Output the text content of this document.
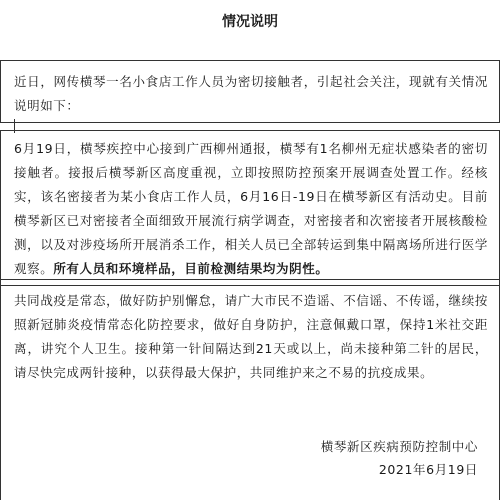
情况说明

近日，网传横琴一名小食店工作人员为密切接触者，引起社会关注，现就有关情况说明如下：

6月19日，横琴疾控中心接到广西柳州通报，横琴有1名柳州无症状感染者的密切接触者。接报后横琴新区高度重视，立即按照防控预案开展调查处置工作。经核实，该名密接者为某小食店工作人员，6月16日-19日在横琴新区有活动史。目前横琴新区已对密接者全面细致开展流行病学调查，对密接者和次密接者开展核酸检测，以及对涉疫场所开展消杀工作，相关人员已全部转运到集中隔离场所进行医学观察。所有人员和环境样品，目前检测结果均为阴性。

共同战疫是常态，做好防护别懈怠，请广大市民不造谣、不信谣、不传谣，继续按照新冠肺炎疫情常态化防控要求，做好自身防护，注意佩戴口罩，保持1米社交距离，讲究个人卫生。接种第一针间隔达到21天或以上，尚未接种第二针的居民，请尽快完成两针接种，以获得最大保护，共同维护来之不易的抗疫成果。

横琴新区疾病预防控制中心

2021年6月19日
